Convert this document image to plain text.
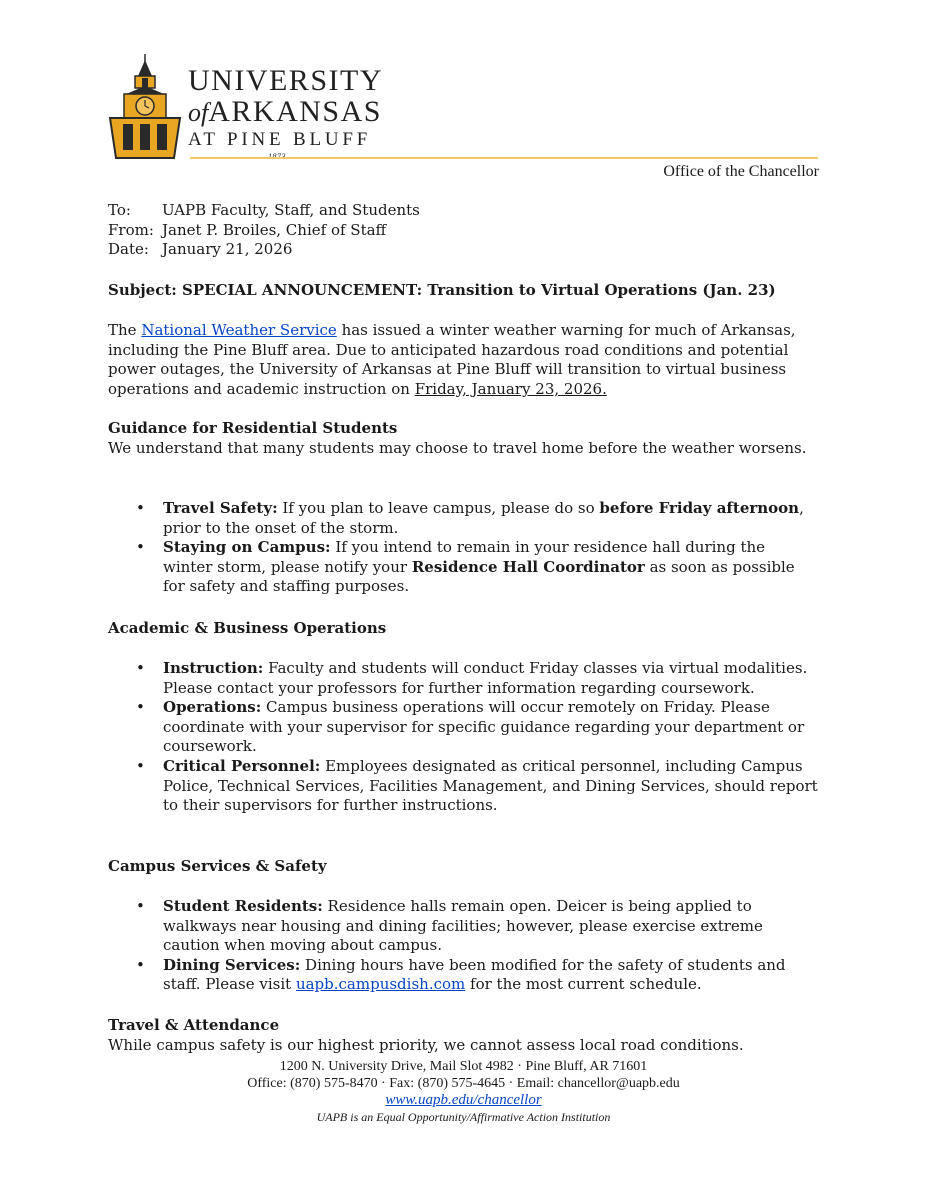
UNIVERSITY
ofARKANSAS
AT PINE BLUFF
Office of the Chancellor
To: UAPB Faculty, Staff, and Students
From: Janet P. Broiles, Chief of Staff
Date: January 21, 2026
Subject: SPECIAL ANNOUNCEMENT: Transition to Virtual Operations (Jan. 23)
The National Weather Service has issued a winter weather warning for much of Arkansas, including the Pine Bluff area. Due to anticipated hazardous road conditions and potential power outages, the University of Arkansas at Pine Bluff will transition to virtual business operations and academic instruction on Friday, January 23, 2026.
Guidance for Residential Students
We understand that many students may choose to travel home before the weather worsens.
• Travel Safety: If you plan to leave campus, please do so before Friday afternoon, prior to the onset of the storm.
• Staying on Campus: If you intend to remain in your residence hall during the winter storm, please notify your Residence Hall Coordinator as soon as possible for safety and staffing purposes.
Academic & Business Operations
• Instruction: Faculty and students will conduct Friday classes via virtual modalities. Please contact your professors for further information regarding coursework.
• Operations: Campus business operations will occur remotely on Friday. Please coordinate with your supervisor for specific guidance regarding your department or coursework.
• Critical Personnel: Employees designated as critical personnel, including Campus Police, Technical Services, Facilities Management, and Dining Services, should report to their supervisors for further instructions.
Campus Services & Safety
• Student Residents: Residence halls remain open. Deicer is being applied to walkways near housing and dining facilities; however, please exercise extreme caution when moving about campus.
• Dining Services: Dining hours have been modified for the safety of students and staff. Please visit uapb.campusdish.com for the most current schedule.
Travel & Attendance
While campus safety is our highest priority, we cannot assess local road conditions.
1200 N. University Drive, Mail Slot 4982 · Pine Bluff, AR 71601
Office: (870) 575-8470 · Fax: (870) 575-4645 · Email: chancellor@uapb.edu
www.uapb.edu/chancellor
UAPB is an Equal Opportunity/Affirmative Action Institution
